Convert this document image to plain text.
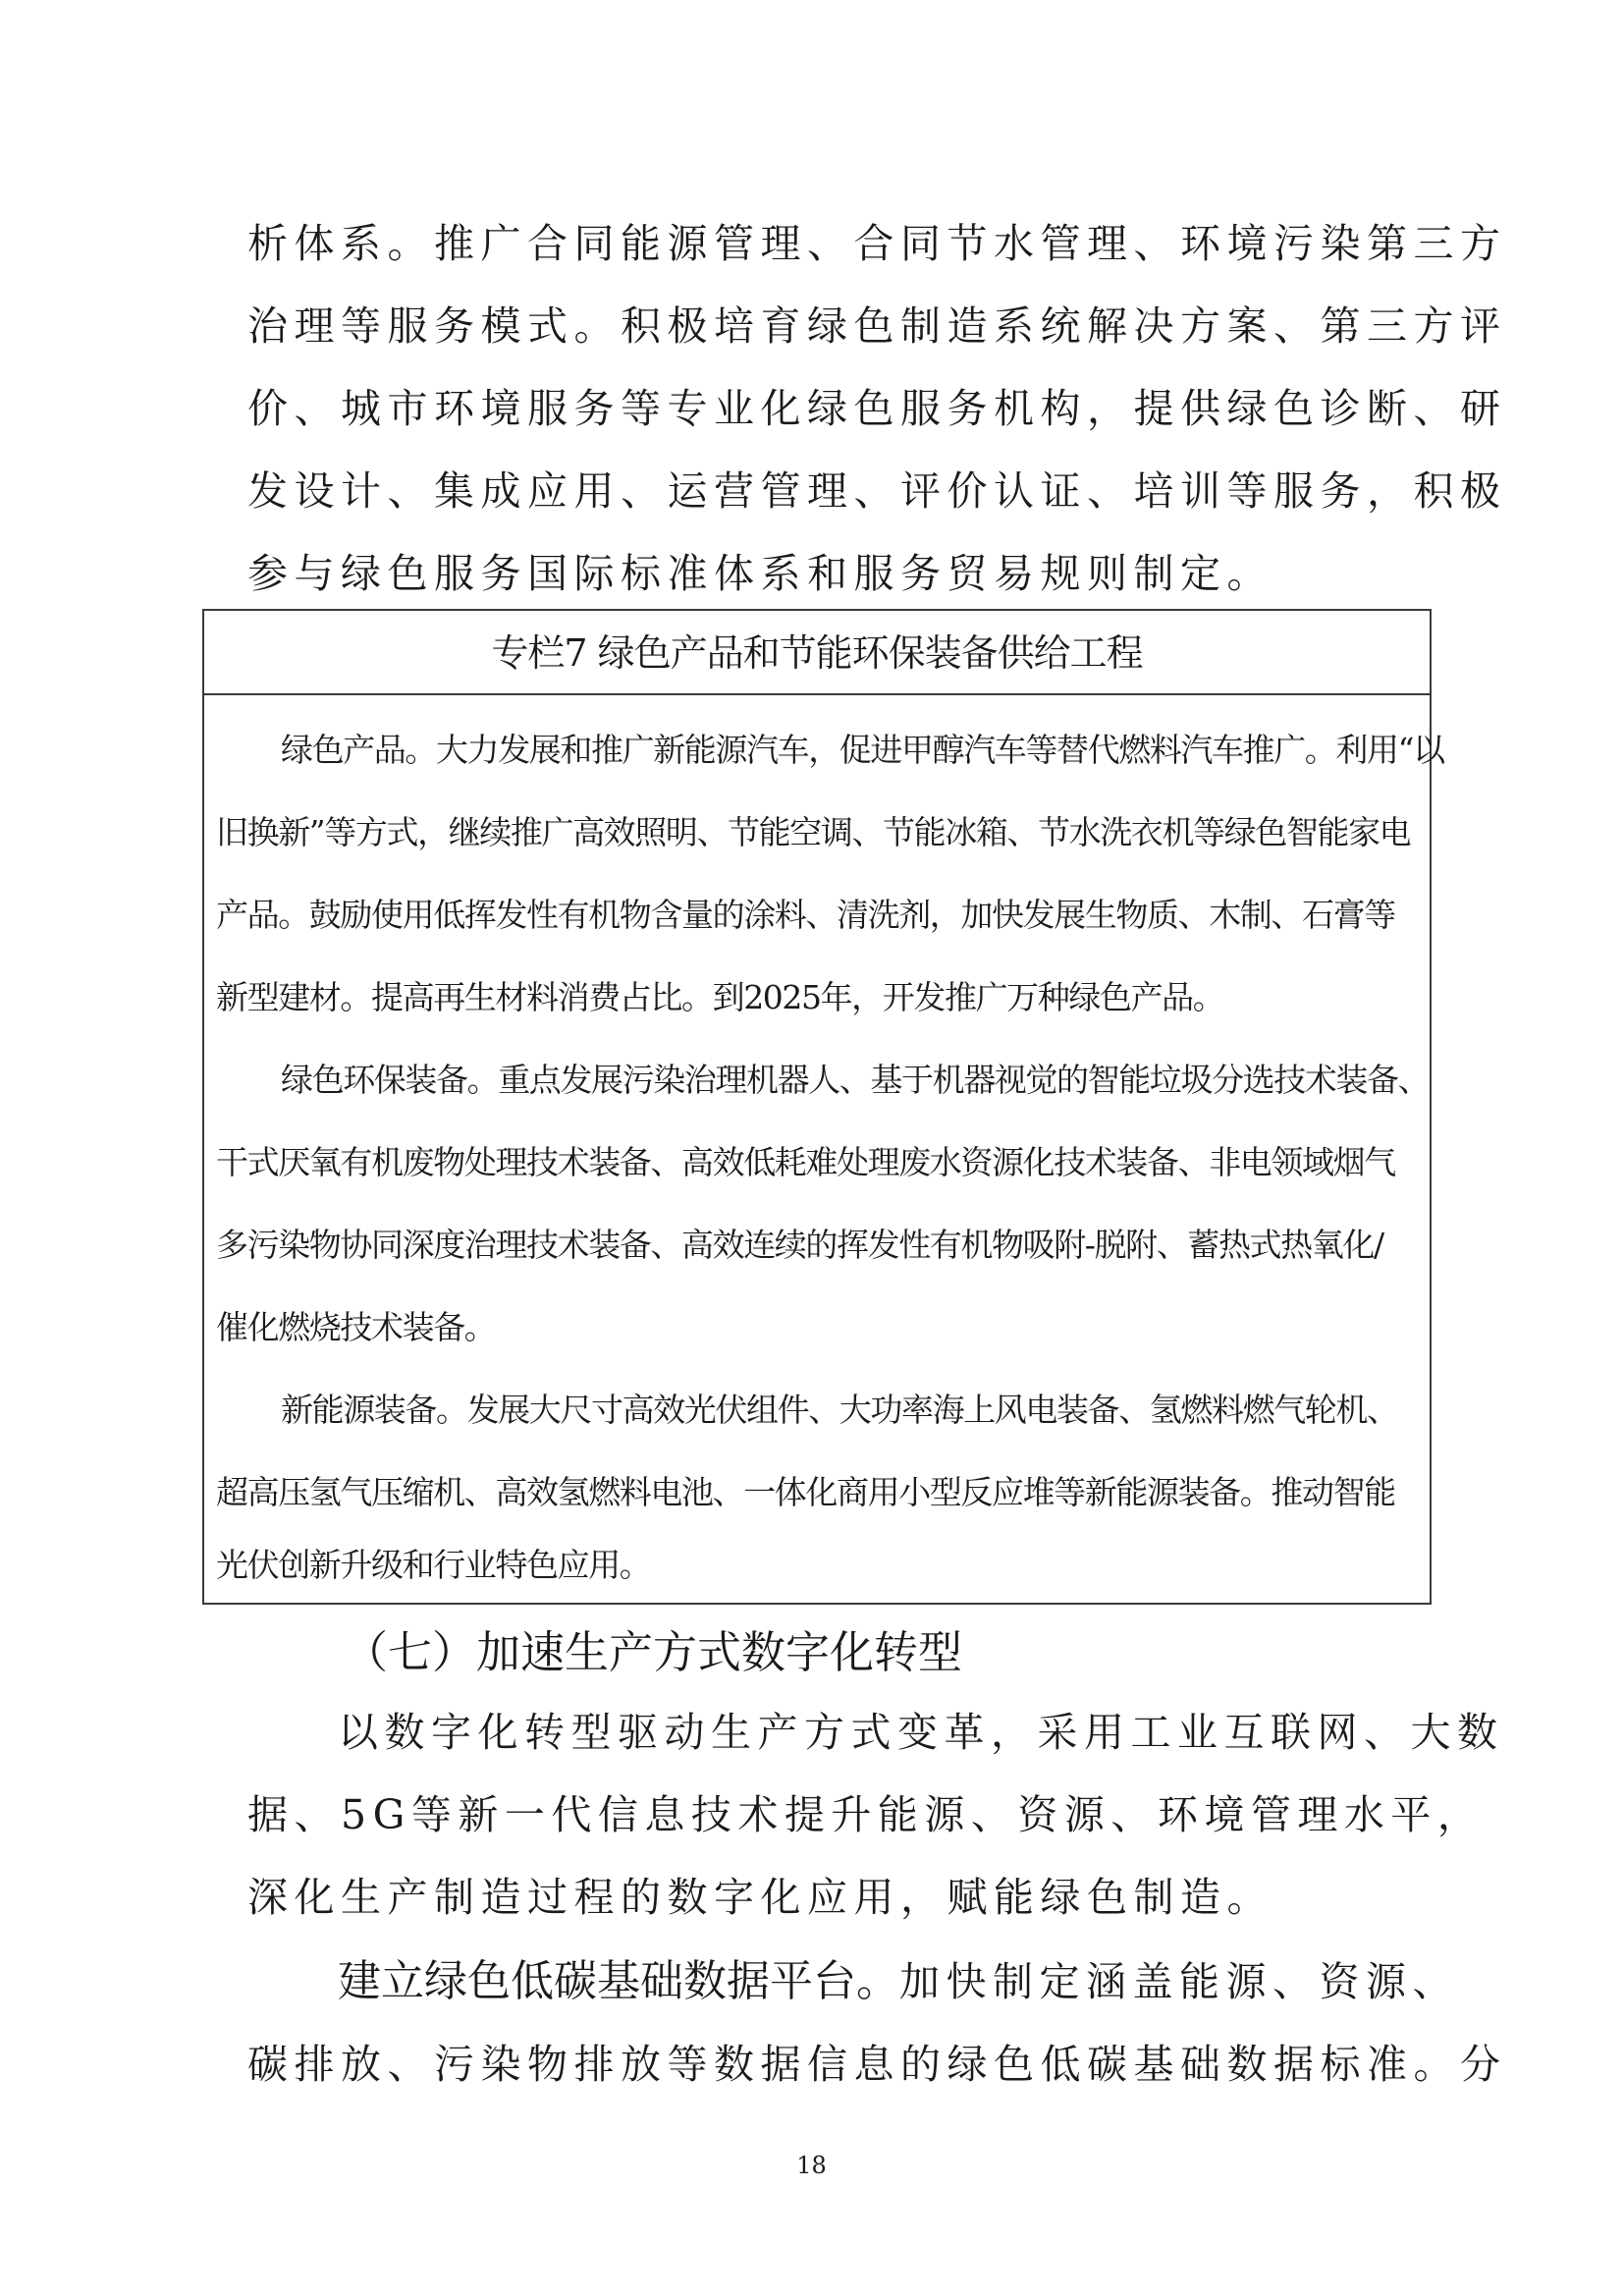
析体系。推广合同能源管理、合同节水管理、环境污染第三方
治理等服务模式。积极培育绿色制造系统解决方案、第三方评
价、城市环境服务等专业化绿色服务机构，提供绿色诊断、研
发设计、集成应用、运营管理、评价认证、培训等服务，积极
参与绿色服务国际标准体系和服务贸易规则制定。
专栏7 绿色产品和节能环保装备供给工程
绿色产品。大力发展和推广新能源汽车，促进甲醇汽车等替代燃料汽车推广。利用“以
旧换新”等方式，继续推广高效照明、节能空调、节能冰箱、节水洗衣机等绿色智能家电
产品。鼓励使用低挥发性有机物含量的涂料、清洗剂，加快发展生物质、木制、石膏等
新型建材。提高再生材料消费占比。到2025年，开发推广万种绿色产品。
绿色环保装备。重点发展污染治理机器人、基于机器视觉的智能垃圾分选技术装备、
干式厌氧有机废物处理技术装备、高效低耗难处理废水资源化技术装备、非电领域烟气
多污染物协同深度治理技术装备、高效连续的挥发性有机物吸附-脱附、蓄热式热氧化/
催化燃烧技术装备。
新能源装备。发展大尺寸高效光伏组件、大功率海上风电装备、氢燃料燃气轮机、
超高压氢气压缩机、高效氢燃料电池、一体化商用小型反应堆等新能源装备。推动智能
光伏创新升级和行业特色应用。
（七）加速生产方式数字化转型
以数字化转型驱动生产方式变革，采用工业互联网、大数
据、5G等新一代信息技术提升能源、资源、环境管理水平，
深化生产制造过程的数字化应用，赋能绿色制造。
建立绿色低碳基础数据平台。加快制定涵盖能源、资源、
碳排放、污染物排放等数据信息的绿色低碳基础数据标准。分
18
